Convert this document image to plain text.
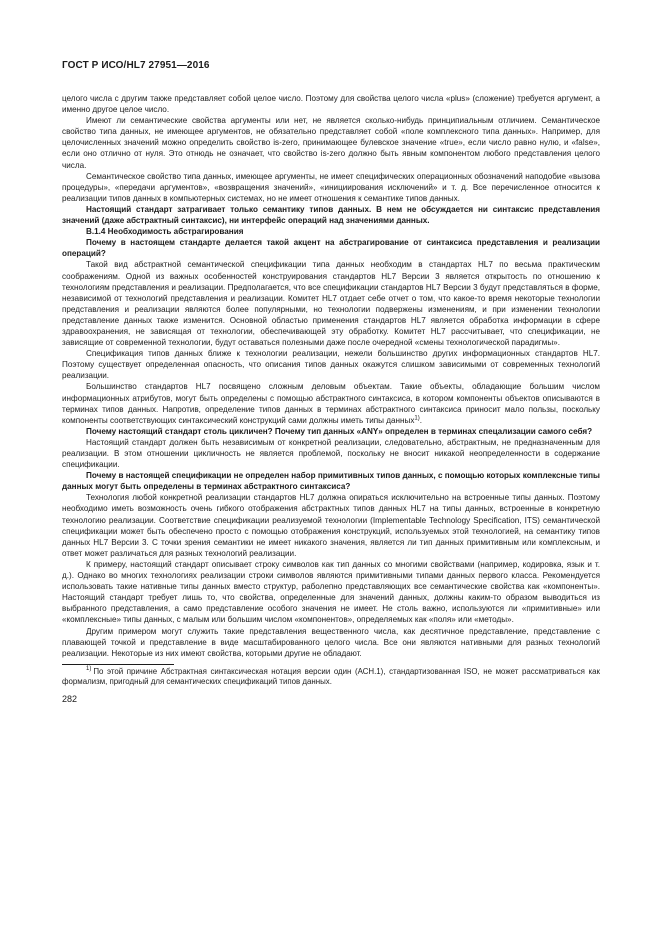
ГОСТ Р ИСО/HL7 27951—2016

целого числа с другим также представляет собой целое число. Поэтому для свойства целого числа «plus» (сложение) требуется аргумент, а именно другое целое число.

Имеют ли семантические свойства аргументы или нет, не является сколько-нибудь принципиальным отличием. Семантическое свойство типа данных, не имеющее аргументов, не обязательно представляет собой «поле комплексного типа данных». Например, для целочисленных значений можно определить свойство is-zero, принимающее булевское значение «true», если число равно нулю, и «false», если оно отлично от нуля. Это отнюдь не означает, что свойство is-zero должно быть явным компонентом любого представления целого числа.

Семантическое свойство типа данных, имеющее аргументы, не имеет специфических операционных обозначений наподобие «вызова процедуры», «передачи аргументов», «возвращения значений», «инициирования исключений» и т. д. Все перечисленное относится к реализации типов данных в компьютерных системах, но не имеет отношения к семантике типов данных.

Настоящий стандарт затрагивает только семантику типов данных. В нем не обсуждается ни синтаксис представления значений (даже абстрактный синтаксис), ни интерфейс операций над значениями данных.

В.1.4 Необходимость абстрагирования

Почему в настоящем стандарте делается такой акцент на абстрагирование от синтаксиса представления и реализации операций?

Такой вид абстрактной семантической спецификации типа данных необходим в стандартах HL7 по весьма практическим соображениям. Одной из важных особенностей конструирования стандартов HL7 Версии 3 является открытость по отношению к технологиям представления и реализации. Предполагается, что все спецификации стандартов HL7 Версии 3 будут представляться в форме, независимой от технологий представления и реализации. Комитет HL7 отдает себе отчет о том, что какое-то время некоторые технологии представления и реализации являются более популярными, но технологии подвержены изменениям, и при изменении технологии представление данных также изменится. Основной областью применения стандартов HL7 является обработка информации в сфере здравоохранения, не зависящая от технологии, обеспечивающей эту обработку. Комитет HL7 рассчитывает, что спецификации, не зависящие от современной технологии, будут оставаться полезными даже после очередной «смены технологической парадигмы».

Спецификация типов данных ближе к технологии реализации, нежели большинство других информационных стандартов HL7. Поэтому существует определенная опасность, что описания типов данных окажутся слишком зависимыми от современных технологий реализации.

Большинство стандартов HL7 посвящено сложным деловым объектам. Такие объекты, обладающие большим числом информационных атрибутов, могут быть определены с помощью абстрактного синтаксиса, в котором компоненты объектов описываются в терминах типов данных. Напротив, определение типов данных в терминах абстрактного синтаксиса приносит мало пользы, поскольку компоненты соответствующих синтаксический конструкций сами должны иметь типы данных$^{1)}$.

Почему настоящий стандарт столь цикличен? Почему тип данных «ANY» определен в терминах спецализации самого себя?

Настоящий стандарт должен быть независимым от конкретной реализации, следовательно, абстрактным, не предназначенным для реализации. В этом отношении цикличность не является проблемой, поскольку не вносит никакой неопределенности в содержание спецификации.

Почему в настоящей спецификации не определен набор примитивных типов данных, с помощью которых комплексные типы данных могут быть определены в терминах абстрактного синтаксиса?

Технология любой конкретной реализации стандартов HL7 должна опираться исключительно на встроенные типы данных. Поэтому необходимо иметь возможность очень гибкого отображения абстрактных типов данных HL7 на типы данных, встроенные в конкретную технологию реализации. Соответствие спецификации реализуемой технологии (Implementable Technology Specification, ITS) семантической спецификации может быть обеспечено просто с помощью отображения конструкций, используемых этой технологией, на семантику типов данных HL7 Версии 3. С точки зрения семантики не имеет никакого значения, является ли тип данных примитивным или комплексным, и ответ может различаться для разных технологий реализации.

К примеру, настоящий стандарт описывает строку символов как тип данных со многими свойствами (например, кодировка, язык и т. д.). Однако во многих технологиях реализации строки символов являются примитивными типами данных первого класса. Рекомендуется использовать такие нативные типы данных вместо структур, раболепно представляющих все семантические свойства как «компоненты». Настоящий стандарт требует лишь то, что свойства, определенные для значений данных, должны каким-то образом выводиться из выбранного представления, а само представление особого значения не имеет. Не столь важно, используются ли «примитивные» или «комплексные» типы данных, с малым или большим числом «компонентов», определяемых как «поля» или «методы».

Другим примером могут служить такие представления вещественного числа, как десятичное представление, представление с плавающей точкой и представление в виде масштабированного целого числа. Все они являются нативными для разных технологий реализации. Некоторые из них имеют свойства, которыми другие не обладают.

$^{1)}$ По этой причине Абстрактная синтаксическая нотация версии один (АСН.1), стандартизованная ISO, не может рассматриваться как формализм, пригодный для семантических спецификаций типов данных.
282
